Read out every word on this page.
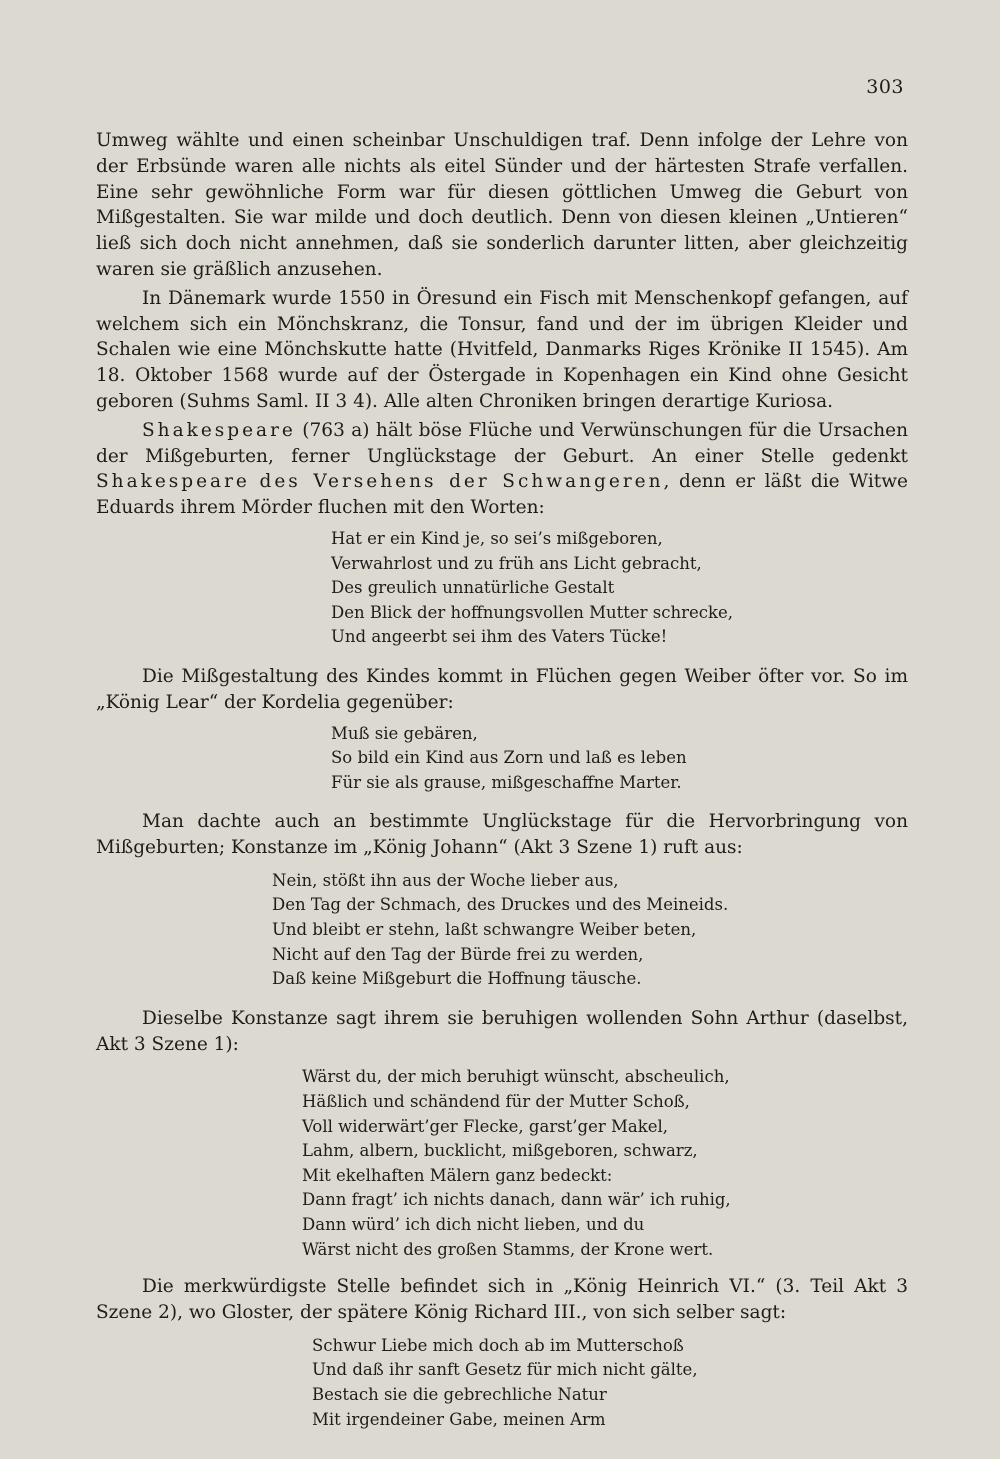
303

Umweg wählte und einen scheinbar Unschuldigen traf. Denn infolge der Lehre von der Erbsünde waren alle nichts als eitel Sünder und der härtesten Strafe verfallen. Eine sehr gewöhnliche Form war für diesen göttlichen Umweg die Geburt von Mißgestalten. Sie war milde und doch deutlich. Denn von diesen kleinen „Untieren“ ließ sich doch nicht annehmen, daß sie sonderlich darunter litten, aber gleichzeitig waren sie gräßlich anzusehen.

In Dänemark wurde 1550 in Öresund ein Fisch mit Menschenkopf gefangen, auf welchem sich ein Mönchskranz, die Tonsur, fand und der im übrigen Kleider und Schalen wie eine Mönchskutte hatte (Hvitfeld, Danmarks Riges Krönike II 1545). Am 18. Oktober 1568 wurde auf der Östergade in Kopenhagen ein Kind ohne Gesicht geboren (Suhms Saml. II 3 4). Alle alten Chroniken bringen derartige Kuriosa.

Shakespeare (763 a) hält böse Flüche und Verwünschungen für die Ursachen der Mißgeburten, ferner Unglückstage der Geburt. An einer Stelle gedenkt Shakespeare des Versehens der Schwangeren, denn er läßt die Witwe Eduards ihrem Mörder fluchen mit den Worten:

Hat er ein Kind je, so sei’s mißgeboren,
Verwahrlost und zu früh ans Licht gebracht,
Des greulich unnatürliche Gestalt
Den Blick der hoffnungsvollen Mutter schrecke,
Und angeerbt sei ihm des Vaters Tücke!

Die Mißgestaltung des Kindes kommt in Flüchen gegen Weiber öfter vor. So im „König Lear“ der Kordelia gegenüber:

Muß sie gebären,
So bild ein Kind aus Zorn und laß es leben
Für sie als grause, mißgeschaffne Marter.

Man dachte auch an bestimmte Unglückstage für die Hervorbringung von Mißgeburten; Konstanze im „König Johann“ (Akt 3 Szene 1) ruft aus:

Nein, stößt ihn aus der Woche lieber aus,
Den Tag der Schmach, des Druckes und des Meineids.
Und bleibt er stehn, laßt schwangre Weiber beten,
Nicht auf den Tag der Bürde frei zu werden,
Daß keine Mißgeburt die Hoffnung täusche.

Dieselbe Konstanze sagt ihrem sie beruhigen wollenden Sohn Arthur (daselbst, Akt 3 Szene 1):

Wärst du, der mich beruhigt wünscht, abscheulich,
Häßlich und schändend für der Mutter Schoß,
Voll widerwärt’ger Flecke, garst’ger Makel,
Lahm, albern, bucklicht, mißgeboren, schwarz,
Mit ekelhaften Mälern ganz bedeckt:
Dann fragt’ ich nichts danach, dann wär’ ich ruhig,
Dann würd’ ich dich nicht lieben, und du
Wärst nicht des großen Stamms, der Krone wert.

Die merkwürdigste Stelle befindet sich in „König Heinrich VI.“ (3. Teil Akt 3 Szene 2), wo Gloster, der spätere König Richard III., von sich selber sagt:

Schwur Liebe mich doch ab im Mutterschoß
Und daß ihr sanft Gesetz für mich nicht gälte,
Bestach sie die gebrechliche Natur
Mit irgendeiner Gabe, meinen Arm
